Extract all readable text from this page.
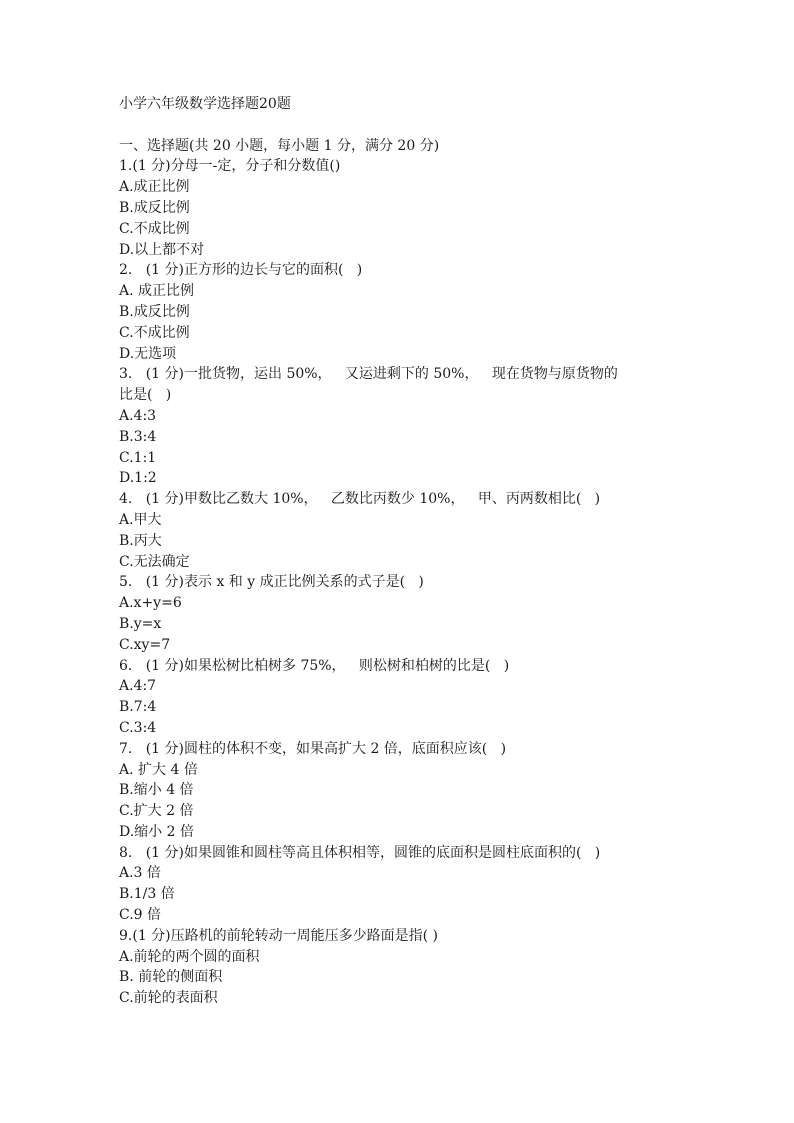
小学六年级数学选择题20题
一、选择题(共 20 小题，每小题 1 分，满分 20 分)
1.(1 分)分母一-定，分子和分数值()
A.成正比例
B.成反比例
C.不成比例
D.以上都不对
2.   (1 分)正方形的边长与它的面积(   )
A. 成正比例
B.成反比例
C.不成比例
D.无选项
3.   (1 分)一批货物，运出 50%，   又运进剩下的 50%，   现在货物与原货物的
比是(   )
A.4:3
B.3:4
C.1:1
D.1:2
4.   (1 分)甲数比乙数大 10%，   乙数比丙数少 10%，   甲、丙两数相比(   )
A.甲大
B.丙大
C.无法确定
5.   (1 分)表示 x 和 y 成正比例关系的式子是(   )
A.x+y=6
B.y=x
C.xy=7
6.   (1 分)如果松树比柏树多 75%，   则松树和柏树的比是(   )
A.4:7
B.7:4
C.3:4
7.   (1 分)圆柱的体积不变，如果高扩大 2 倍，底面积应该(   )
A. 扩大 4 倍
B.缩小 4 倍
C.扩大 2 倍
D.缩小 2 倍
8.   (1 分)如果圆锥和圆柱等高且体积相等，圆锥的底面积是圆柱底面积的(   )
A.3 倍
B.1/3 倍
C.9 倍
9.(1 分)压路机的前轮转动一周能压多少路面是指( )
A.前轮的两个圆的面积
B. 前轮的侧面积
C.前轮的表面积
